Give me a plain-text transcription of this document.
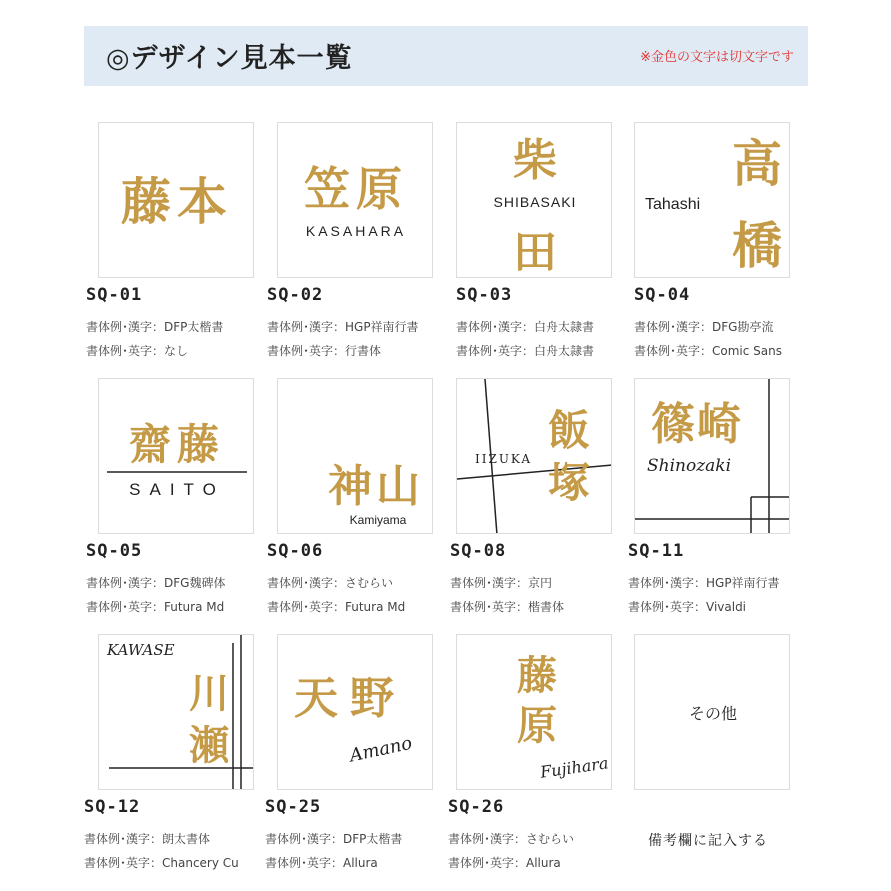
◎デザイン見本一覧	※金色の文字は切文字です
藤本
SQ-01
書体例･漢字：DFP太楷書
書体例･英字：なし
笠原
KASAHARA
SQ-02
書体例･漢字：HGP祥南行書
書体例･英字：行書体
柴
SHIBASAKI
田
SQ-03
書体例･漢字：白舟太隷書
書体例･英字：白舟太隷書
高
橋
Tahashi
SQ-04
書体例･漢字：DFG勘亭流
書体例･英字：Comic Sans
齋藤
SAITO
SQ-05
書体例･漢字：DFG魏碑体
書体例･英字：Futura Md
神山
Kamiyama
SQ-06
書体例･漢字：さむらい
書体例･英字：Futura Md
飯
塚
IIZUKA
SQ-08
書体例･漢字：京円
書体例･英字：楷書体
篠崎
Shinozaki
SQ-11
書体例･漢字：HGP祥南行書
書体例･英字：Vivaldi
川
瀬
KAWASE
SQ-12
書体例･漢字：朗太書体
書体例･英字：Chancery Cu
天野
Amano
SQ-25
書体例･漢字：DFP太楷書
書体例･英字：Allura
藤
原
Fujihara
SQ-26
書体例･漢字：さむらい
書体例･英字：Allura
その他
備考欄に記入する
